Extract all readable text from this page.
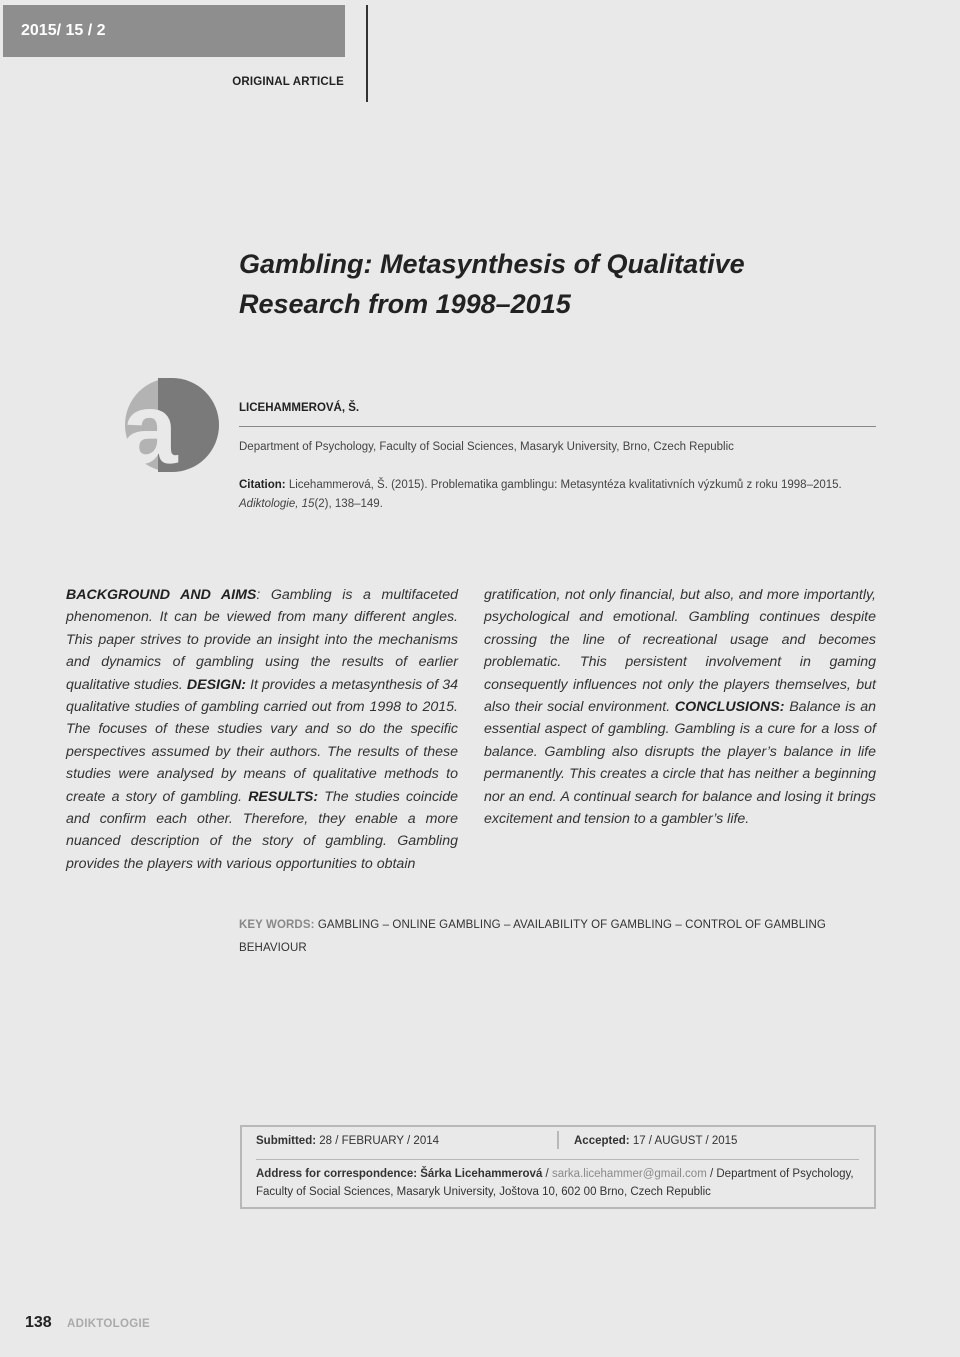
2015/ 15 / 2
ORIGINAL ARTICLE
Gambling: Metasynthesis of Qualitative
Research from 1998–2015
a	LICEHAMMEROVÁ, Š.
Department of Psychology, Faculty of Social Sciences, Masaryk University, Brno, Czech Republic
Citation: Licehammerová, Š. (2015). Problematika gamblingu: Metasyntéza kvalitativních výzkumů z roku 1998–2015.
Adiktologie, 15(2), 138–149.
BACKGROUND AND AIMS: Gambling is a multifaceted phenomenon. It can be viewed from many different angles. This paper strives to provide an insight into the mechanisms and dynamics of gambling using the results of earlier qualitative studies. DESIGN: It provides a metasynthesis of 34 qualitative studies of gambling carried out from 1998 to 2015. The focuses of these studies vary and so do the specific perspectives assumed by their authors. The results of these studies were analysed by means of qualitative methods to create a story of gambling. RESULTS: The studies coincide and confirm each other. Therefore, they enable a more nuanced description of the story of gambling. Gambling provides the players with various opportunities to obtain
gratification, not only financial, but also, and more importantly, psychological and emotional. Gambling continues despite crossing the line of recreational usage and becomes problematic. This persistent involvement in gaming consequently influences not only the players themselves, but also their social environment. CONCLUSIONS: Balance is an essential aspect of gambling. Gambling is a cure for a loss of balance. Gambling also disrupts the player’s balance in life permanently. This creates a circle that has neither a beginning nor an end. A continual search for balance and losing it brings excitement and tension to a gambler’s life.
KEY WORDS: GAMBLING – ONLINE GAMBLING – AVAILABILITY OF GAMBLING – CONTROL OF GAMBLING BEHAVIOUR
Submitted: 28 / FEBRUARY / 2014	Accepted: 17 / AUGUST / 2015
Address for correspondence: Šárka Licehammerová / sarka.licehammer@gmail.com / Department of Psychology, Faculty of Social Sciences, Masaryk University, Joštova 10, 602 00 Brno, Czech Republic
138 ADIKTOLOGIE
